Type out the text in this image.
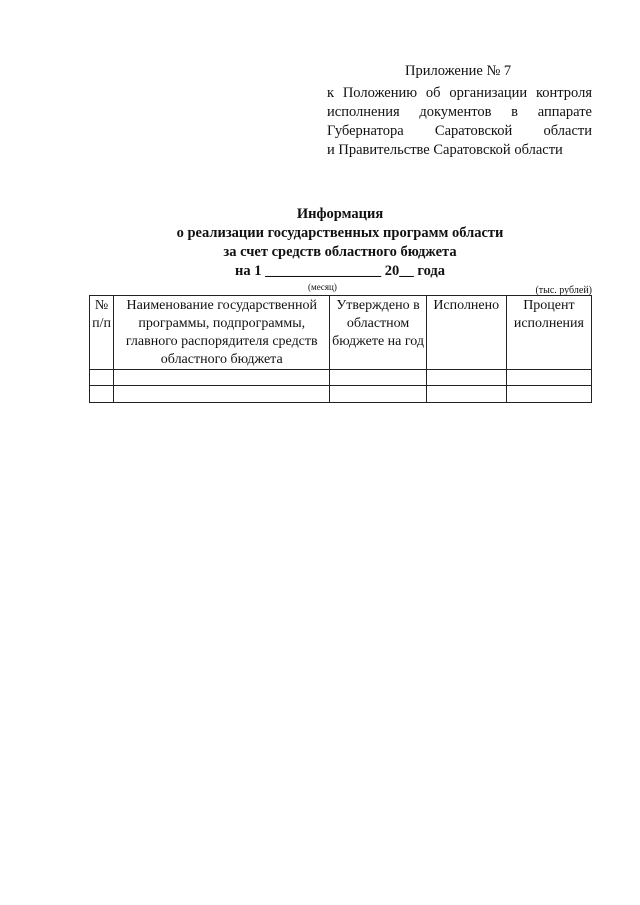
Приложение № 7
к Положению об организации контроля
исполнения документов в аппарате
Губернатора Саратовской области
и Правительстве Саратовской области
Информация
о реализации государственных программ области
за счет средств областного бюджета
на 1 ________________ 20__ года
(месяц)	(тыс. рублей)
№ п/п	Наименование государственной программы, подпрограммы, главного распорядителя средств областного бюджета	Утверждено в областном бюджете на год	Исполнено	Процент исполнения
